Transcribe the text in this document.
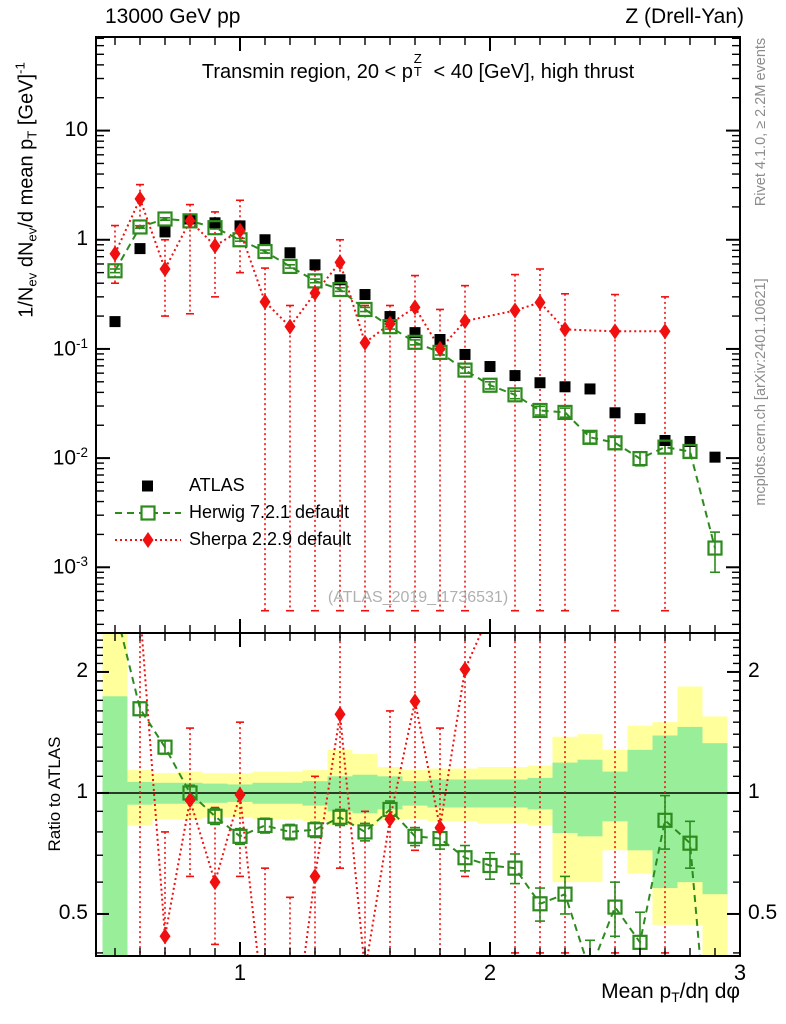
13000 GeV pp	Z (Drell-Yan)
Transmin region, 20 < p
Z
T < 40 [GeV], high thrust
(ATLAS_2019_I1736531)
Rivet 4.1.0, ≥ 2.2M events
mcplots.cern.ch [arXiv:2401.10621]
$1/N_{ev}$ $dN_{ev}/d$ mean $p_T$ [GeV]$^{-1}$
Ratio to ATLAS
Mean $p_T/d\eta$ dφ
ATLAS
Herwig 7.2.1 default
Sherpa 2.2.9 default
10
1
$10^{-1}$
$10^{-2}$
$10^{-3}$
2	2
1	1
0.5	0.5
1	2	3
